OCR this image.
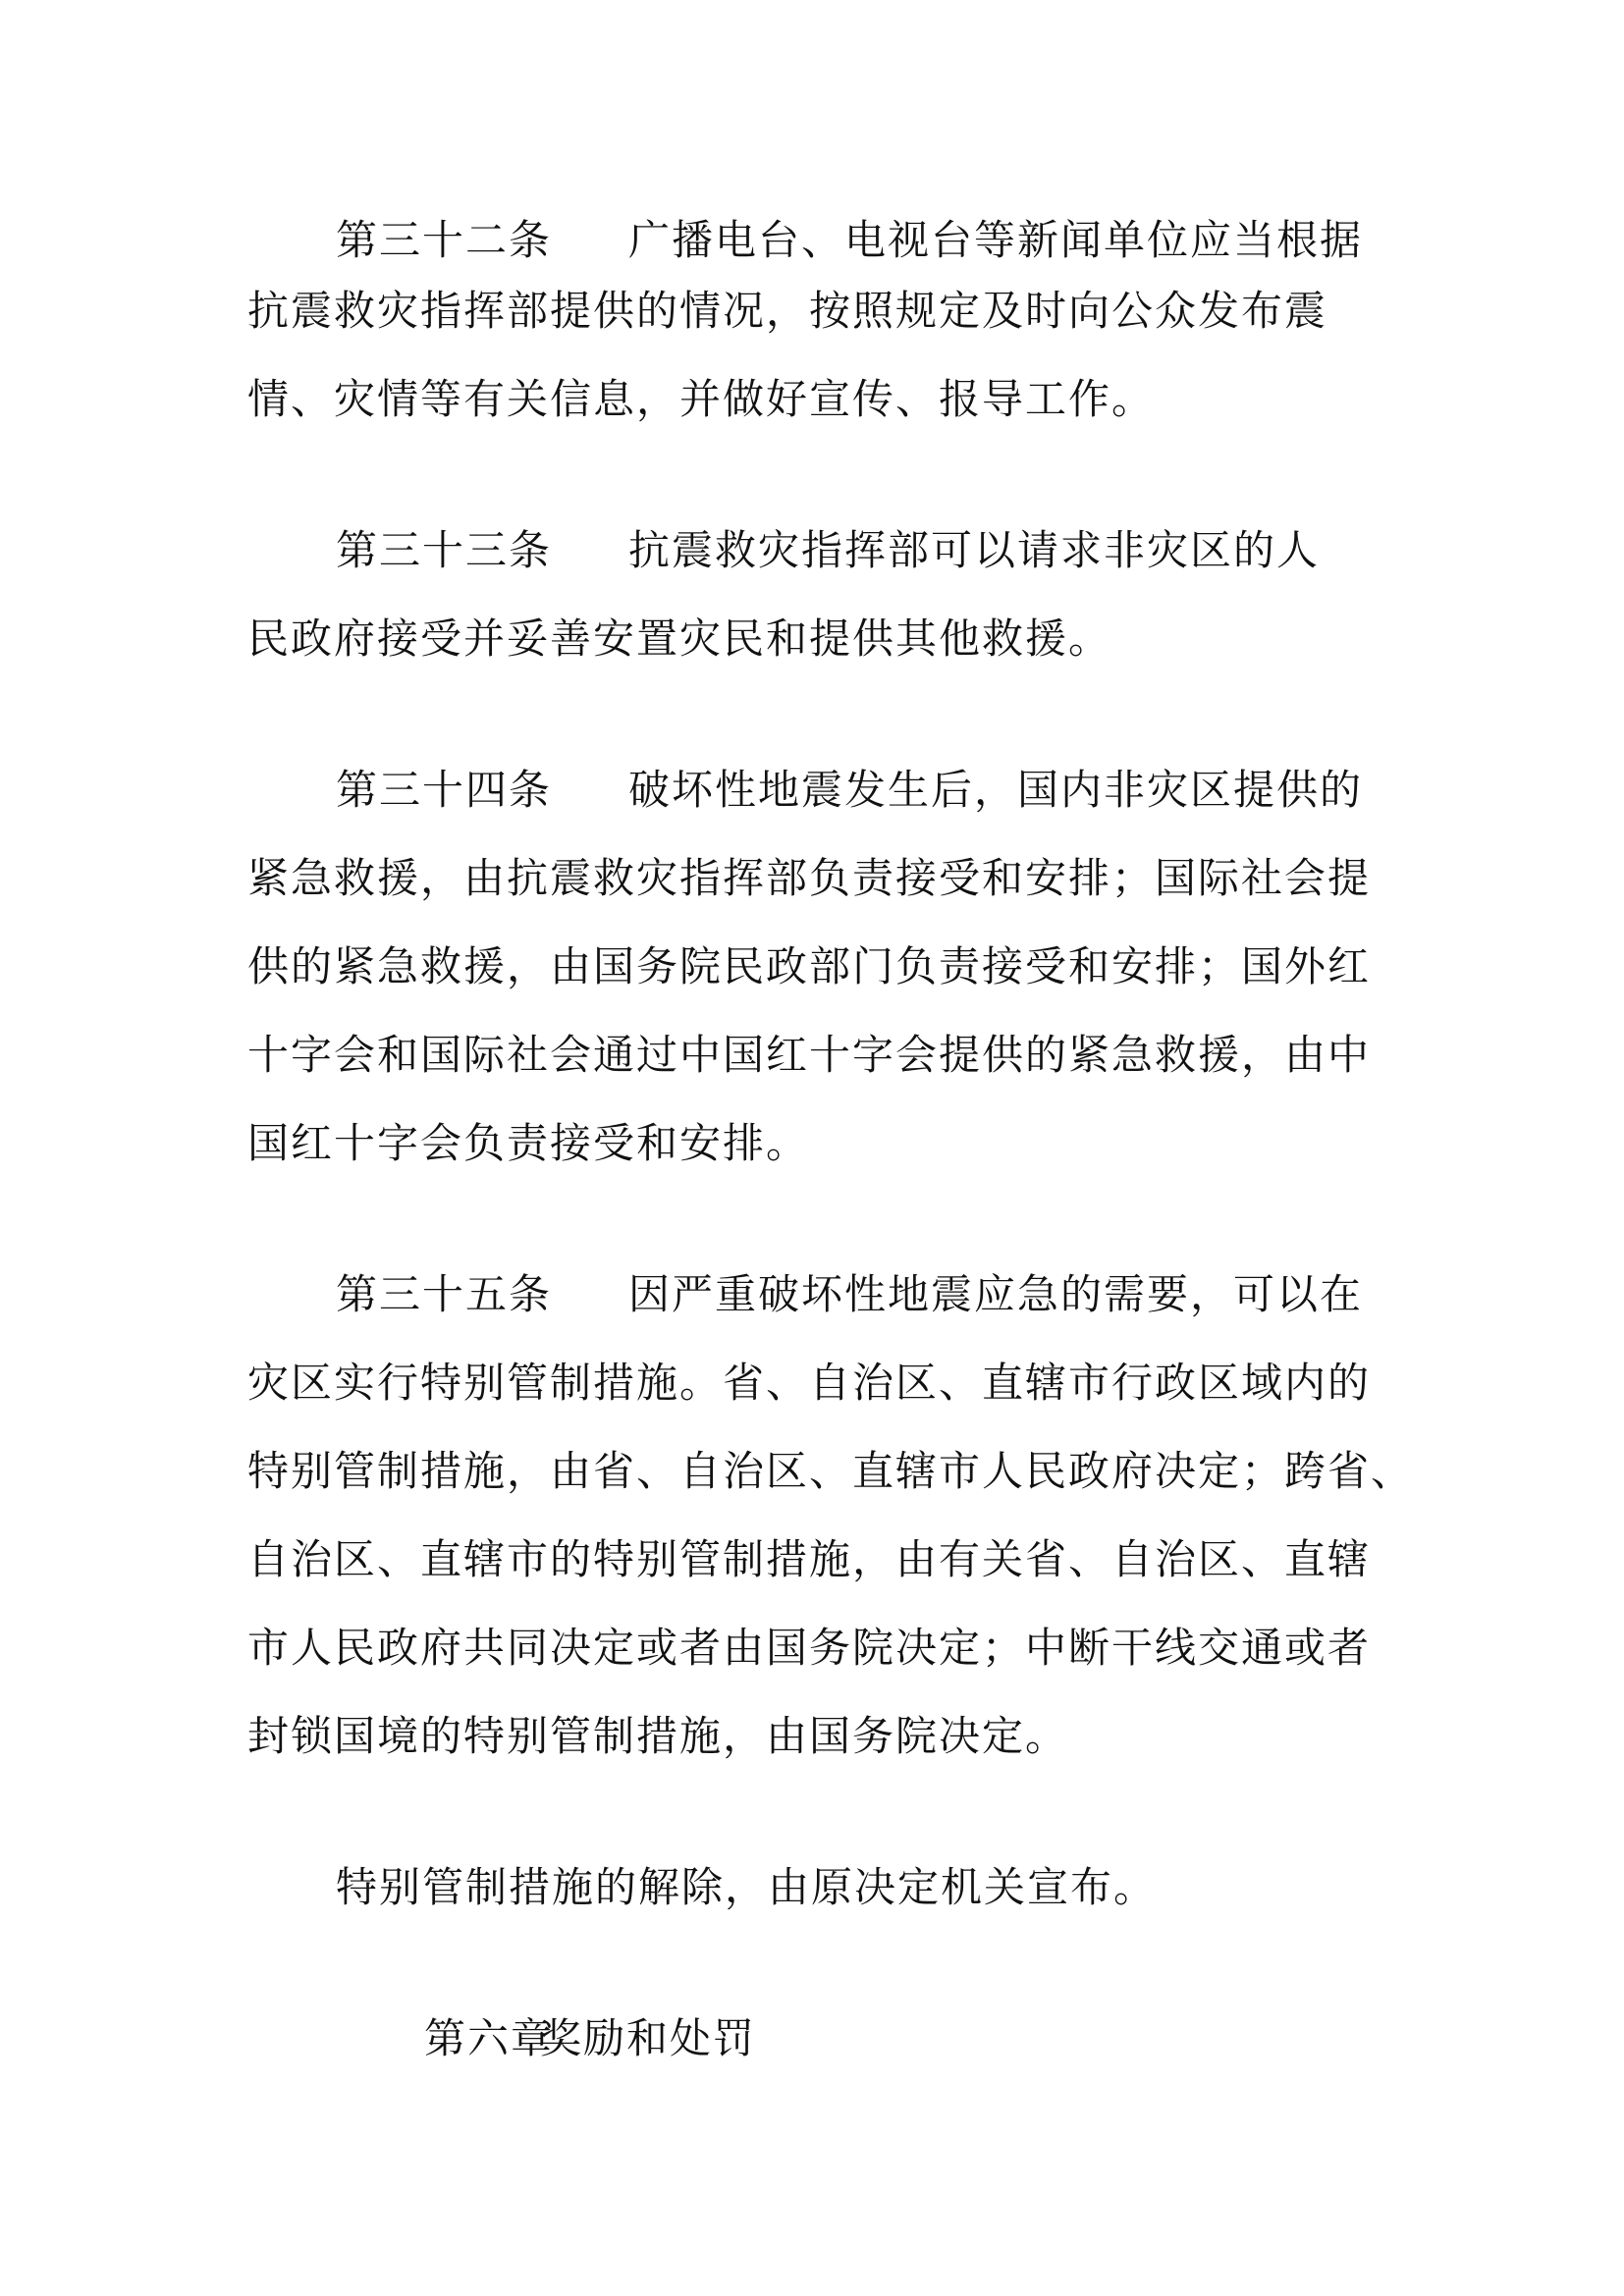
第三十二条 广播电台、电视台等新闻单位应当根据
抗震救灾指挥部提供的情况，按照规定及时向公众发布震
情、灾情等有关信息，并做好宣传、报导工作。
第三十三条 抗震救灾指挥部可以请求非灾区的人
民政府接受并妥善安置灾民和提供其他救援。
第三十四条 破坏性地震发生后，国内非灾区提供的
紧急救援，由抗震救灾指挥部负责接受和安排；国际社会提
供的紧急救援，由国务院民政部门负责接受和安排；国外红
十字会和国际社会通过中国红十字会提供的紧急救援，由中
国红十字会负责接受和安排。
第三十五条 因严重破坏性地震应急的需要，可以在
灾区实行特别管制措施。省、自治区、直辖市行政区域内的
特别管制措施，由省、自治区、直辖市人民政府决定；跨省、
自治区、直辖市的特别管制措施，由有关省、自治区、直辖
市人民政府共同决定或者由国务院决定；中断干线交通或者
封锁国境的特别管制措施，由国务院决定。
特别管制措施的解除，由原决定机关宣布。
第六章奖励和处罚
